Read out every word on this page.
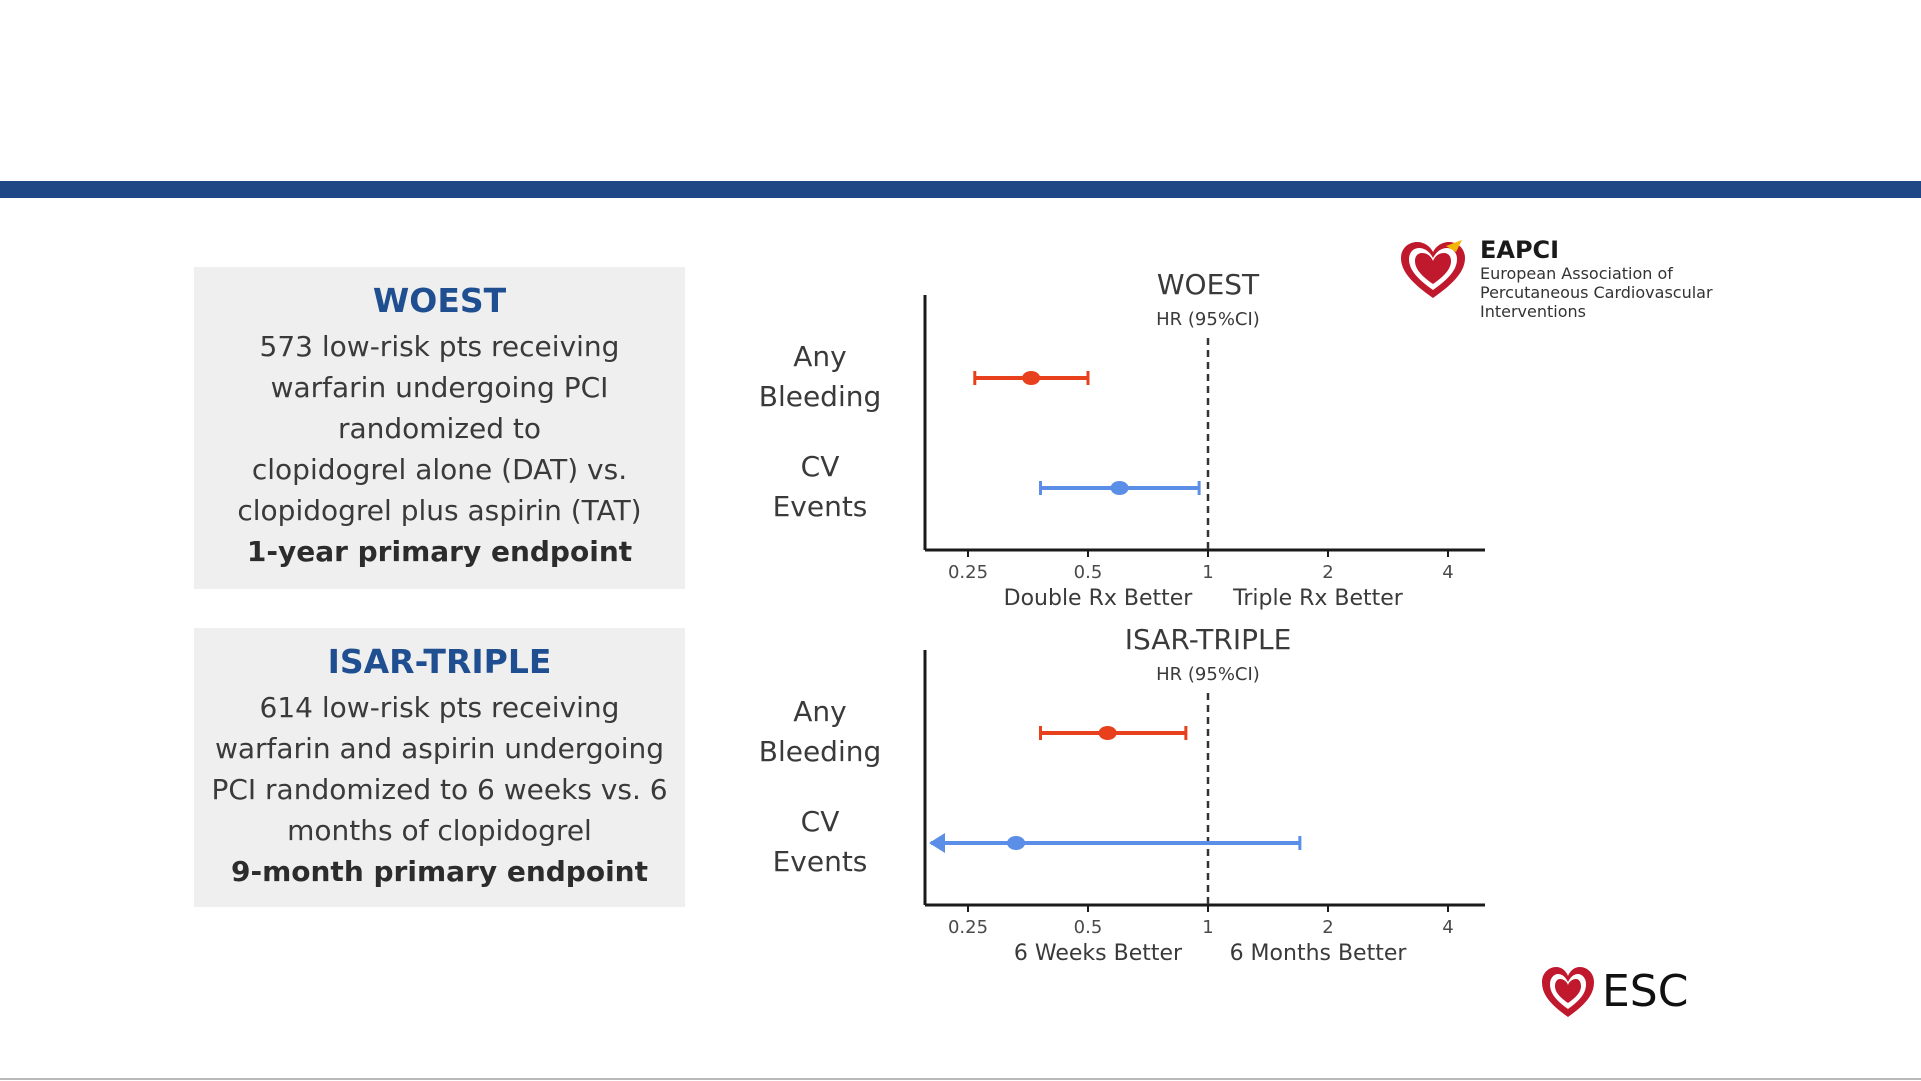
WOEST
573 low-risk pts receiving
warfarin undergoing PCI
randomized to
clopidogrel alone (DAT) vs.
clopidogrel plus aspirin (TAT)
1-year primary endpoint
ISAR-TRIPLE
614 low-risk pts receiving
warfarin and aspirin undergoing
PCI randomized to 6 weeks vs. 6
months of clopidogrel
9-month primary endpoint
WOEST
HR (95%CI)
0.25	0.5	1	2	4
Double Rx Better Triple Rx Better
Any
Bleeding
CV
Events
ISAR-TRIPLE
HR (95%CI)
0.25	0.5	1	2	4
6 Weeks Better 6 Months Better
Any
Bleeding
CV
Events
EAPCI
European Association of
Percutaneous Cardiovascular
Interventions
ESC
